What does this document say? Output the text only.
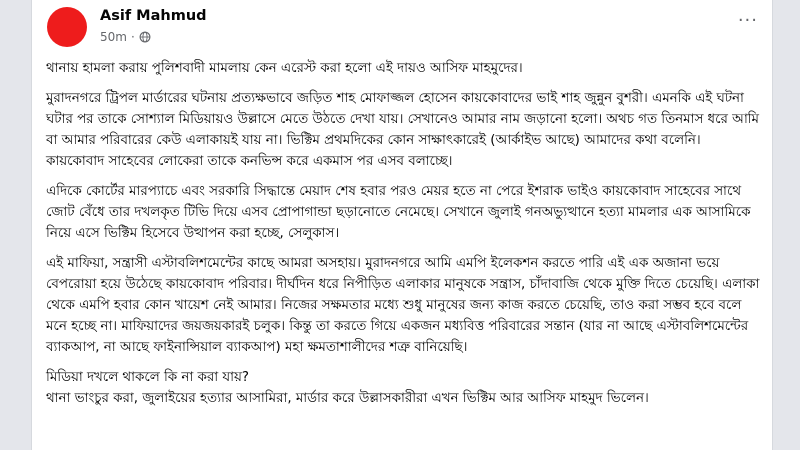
Asif Mahmud
50m ·
···

থানায় হামলা করায় পুলিশবাদী মামলায় কেন এরেস্ট করা হলো এই দায়ও আসিফ মাহমুদের।

মুরাদনগরে ট্রিপল মার্ডারের ঘটনায় প্রত্যক্ষভাবে জড়িত শাহ মোফাজ্জল হোসেন কায়কোবাদের ভাই শাহ জুন্নুন বুশরী। এমনকি এই ঘটনা ঘটার পর তাকে সোশ্যাল মিডিয়ায়ও উল্লাসে মেতে উঠতে দেখা যায়। সেখানেও আমার নাম জড়ানো হলো। অথচ গত তিনমাস ধরে আমি বা আমার পরিবারের কেউ এলাকায়ই যায় না। ভিক্টিম প্রথমদিকের কোন সাক্ষাৎকারেই (আর্কাইভ আছে) আমাদের কথা বলেনি। কায়কোবাদ সাহেবের লোকেরা তাকে কনভিন্স করে একমাস পর এসব বলাচ্ছে।

এদিকে কোর্টের মারপ্যাচে এবং সরকারি সিদ্ধান্তে মেয়াদ শেষ হবার পরও মেয়র হতে না পেরে ইশরাক ভাইও কায়কোবাদ সাহেবের সাথে জোট বেঁধে তার দখলকৃত টিভি দিয়ে এসব প্রোপাগান্ডা ছড়ানোতে নেমেছে। সেখানে জুলাই গনঅভ্যুত্থানে হত্যা মামলার এক আসামিকে নিয়ে এসে ভিক্টিম হিসেবে উত্থাপন করা হচ্ছে, সেলুকাস।

এই মাফিয়া, সন্ত্রাসী এস্টাবলিশমেন্টের কাছে আমরা অসহায়। মুরাদনগরে আমি এমপি ইলেকশন করতে পারি এই এক অজানা ভয়ে বেপরোয়া হয়ে উঠেছে কায়কোবাদ পরিবার। দীর্ঘদিন ধরে নিপীড়িত এলাকার মানুষকে সন্ত্রাস, চাঁদাবাজি থেকে মুক্তি দিতে চেয়েছি। এলাকা থেকে এমপি হবার কোন খায়েশ নেই আমার। নিজের সক্ষমতার মধ্যে শুধু মানুষের জন্য কাজ করতে চেয়েছি, তাও করা সম্ভব হবে বলে মনে হচ্ছে না। মাফিয়াদের জয়জয়কারই চলুক। কিন্তু তা করতে গিয়ে একজন মধ্যবিত্ত পরিবারের সন্তান (যার না আছে এস্টাবলিশমেন্টের ব্যাকআপ, না আছে ফাইনান্সিয়াল ব্যাকআপ) মহা ক্ষমতাশালীদের শত্রু বানিয়েছি।

মিডিয়া দখলে থাকলে কি না করা যায়?
থানা ভাংচুর করা, জুলাইয়ের হত্যার আসামিরা, মার্ডার করে উল্লাসকারীরা এখন ভিক্টিম আর আসিফ মাহমুদ ভিলেন।
